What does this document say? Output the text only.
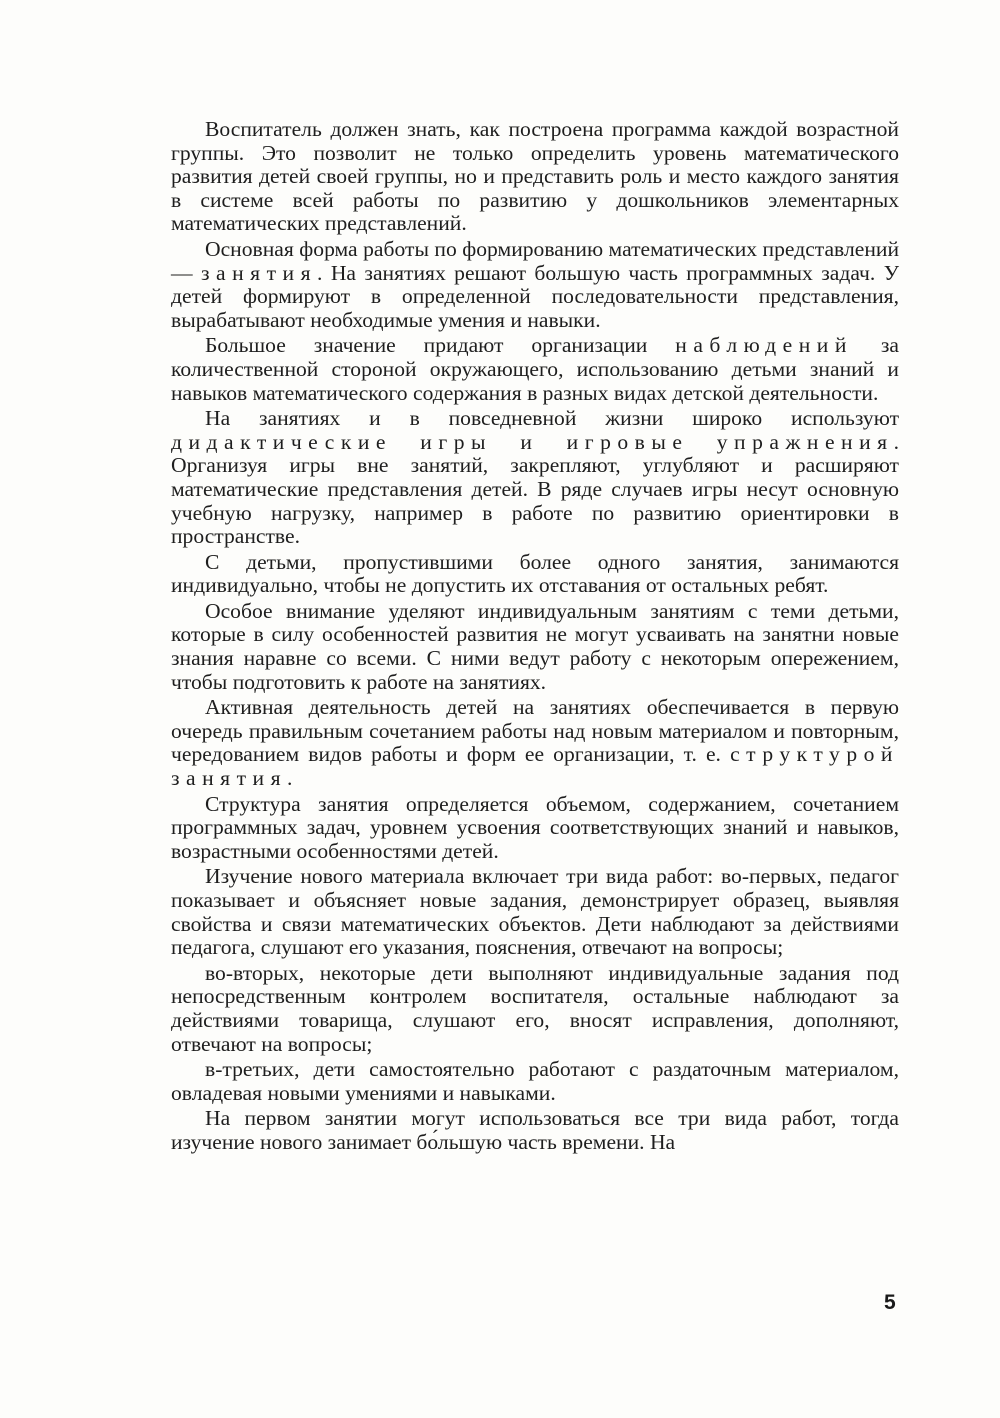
Воспитатель должен знать, как построена программа каждой возрастной группы. Это позволит не только определить уровень математического развития детей своей группы, но и представить роль и место каждого занятия в системе всей работы по развитию у дошкольников элементарных математических представлений.

Основная форма работы по формированию математических представлений — занятия. На занятиях решают большую часть программных задач. У детей формируют в определенной последовательности представления, вырабатывают необходимые умения и навыки.

Большое значение придают организации наблюдений за количественной стороной окружающего, использованию детьми знаний и навыков математического содержания в разных видах детской деятельности.

На занятиях и в повседневной жизни широко используют дидактические игры и игровые упражнения. Организуя игры вне занятий, закрепляют, углубляют и расширяют математические представления детей. В ряде случаев игры несут основную учебную нагрузку, например в работе по развитию ориентировки в пространстве.

С детьми, пропустившими более одного занятия, занимаются индивидуально, чтобы не допустить их отставания от остальных ребят.

Особое внимание уделяют индивидуальным занятиям с теми детьми, которые в силу особенностей развития не могут усваивать на занятни новые знания наравне со всеми. С ними ведут работу с некоторым опережением, чтобы подготовить к работе на занятиях.

Активная деятельность детей на занятиях обеспечивается в первую очередь правильным сочетанием работы над новым материалом и повторным, чередованием видов работы и форм ее организации, т. е. структурой занятия.

Структура занятия определяется объемом, содержанием, сочетанием программных задач, уровнем усвоения соответствующих знаний и навыков, возрастными особенностями детей.

Изучение нового материала включает три вида работ: во-первых, педагог показывает и объясняет новые задания, демонстрирует образец, выявляя свойства и связи математических объектов. Дети наблюдают за действиями педагога, слушают его указания, пояснения, отвечают на вопросы;

во-вторых, некоторые дети выполняют индивидуальные задания под непосредственным контролем воспитателя, остальные наблюдают за действиями товарища, слушают его, вносят исправления, дополняют, отвечают на вопросы;

в-третьих, дети самостоятельно работают с раздаточным материалом, овладевая новыми умениями и навыками.

На первом занятии могут использоваться все три вида работ, тогда изучение нового занимает бо́льшую часть времени. На

5
